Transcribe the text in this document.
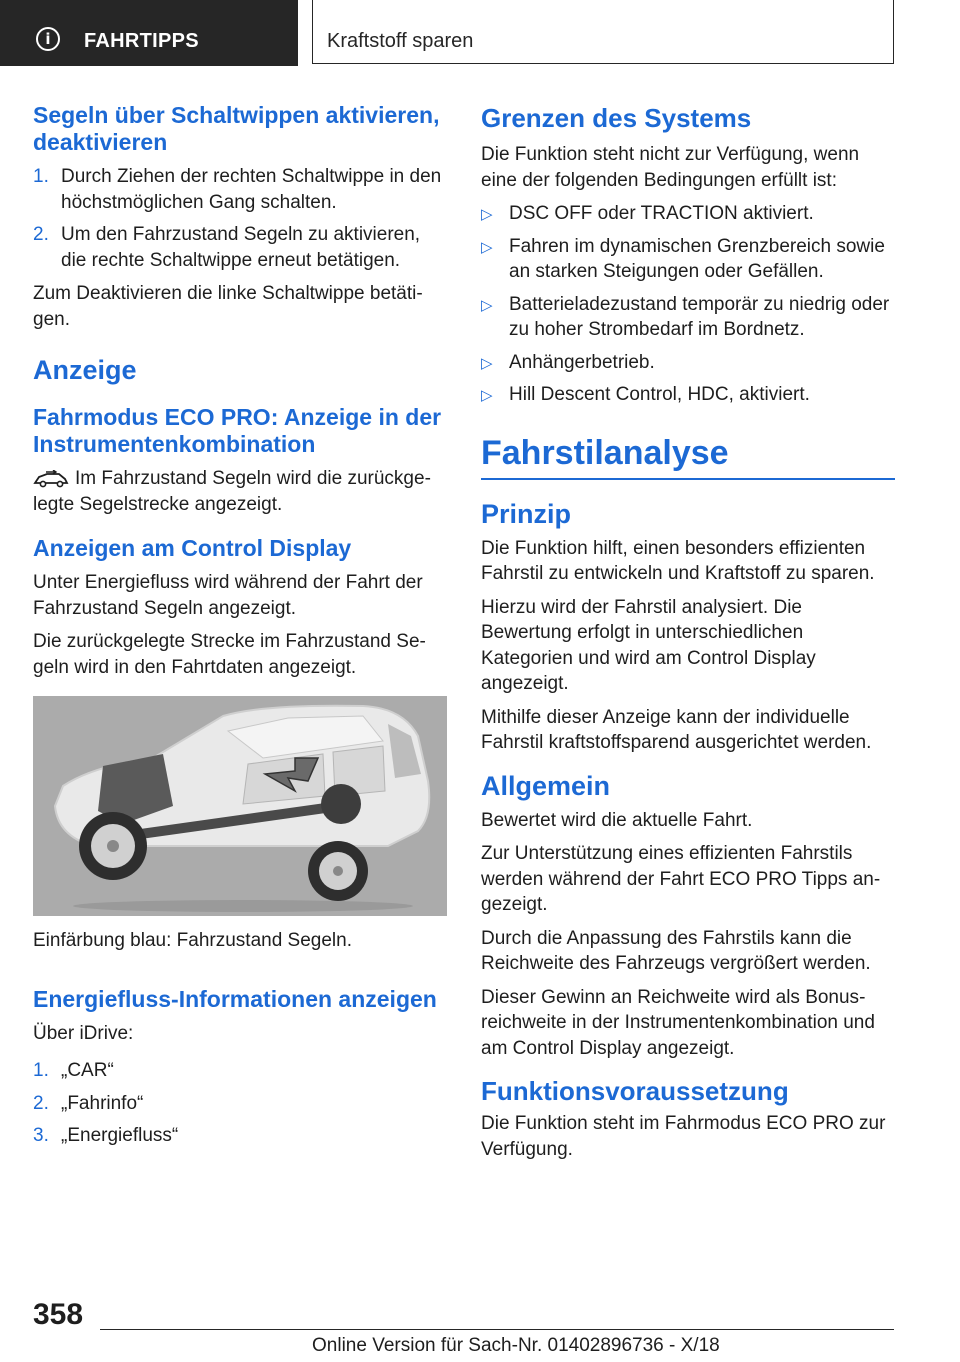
i	FAHRTIPPS	Kraftstoff sparen
Segeln über Schaltwippen aktivieren, deaktivieren
1. Durch Ziehen der rechten Schaltwippe in den höchstmöglichen Gang schalten.
2. Um den Fahrzustand Segeln zu aktivieren, die rechte Schaltwippe erneut betätigen.

Zum Deaktivieren die linke Schaltwippe betätigen.

Anzeige
Fahrmodus ECO PRO: Anzeige in der Instrumentenkombination

Im Fahrzustand Segeln wird die zurückgelegte Segelstrecke angezeigt.

Anzeigen am Control Display

Unter Energiefluss wird während der Fahrt der Fahrzustand Segeln angezeigt.

Die zurückgelegte Strecke im Fahrzustand Segeln wird in den Fahrtdaten angezeigt.

Einfärbung blau: Fahrzustand Segeln.

Energiefluss-Informationen anzeigen

Über iDrive:

1. „CAR“
2. „Fahrinfo“
3. „Energiefluss“
Grenzen des Systems

Die Funktion steht nicht zur Verfügung, wenn eine der folgenden Bedingungen erfüllt ist:

▷ DSC OFF oder TRACTION aktiviert.
▷ Fahren im dynamischen Grenzbereich sowie an starken Steigungen oder Gefällen.
▷ Batterieladezustand temporär zu niedrig oder zu hoher Strombedarf im Bordnetz.
▷ Anhängerbetrieb.
▷ Hill Descent Control, HDC, aktiviert.
Fahrstilanalyse
Prinzip

Die Funktion hilft, einen besonders effizienten Fahrstil zu entwickeln und Kraftstoff zu sparen.

Hierzu wird der Fahrstil analysiert. Die Bewertung erfolgt in unterschiedlichen Kategorien und wird am Control Display angezeigt.

Mithilfe dieser Anzeige kann der individuelle Fahrstil kraftstoffsparend ausgerichtet werden.

Allgemein

Bewertet wird die aktuelle Fahrt.

Zur Unterstützung eines effizienten Fahrstils werden während der Fahrt ECO PRO Tipps angezeigt.

Durch die Anpassung des Fahrstils kann die Reichweite des Fahrzeugs vergrößert werden.

Dieser Gewinn an Reichweite wird als Bonusreichweite in der Instrumentenkombination und am Control Display angezeigt.

Funktionsvoraussetzung

Die Funktion steht im Fahrmodus ECO PRO zur Verfügung.

358
Online Version für Sach-Nr. 01402896736 - X/18
